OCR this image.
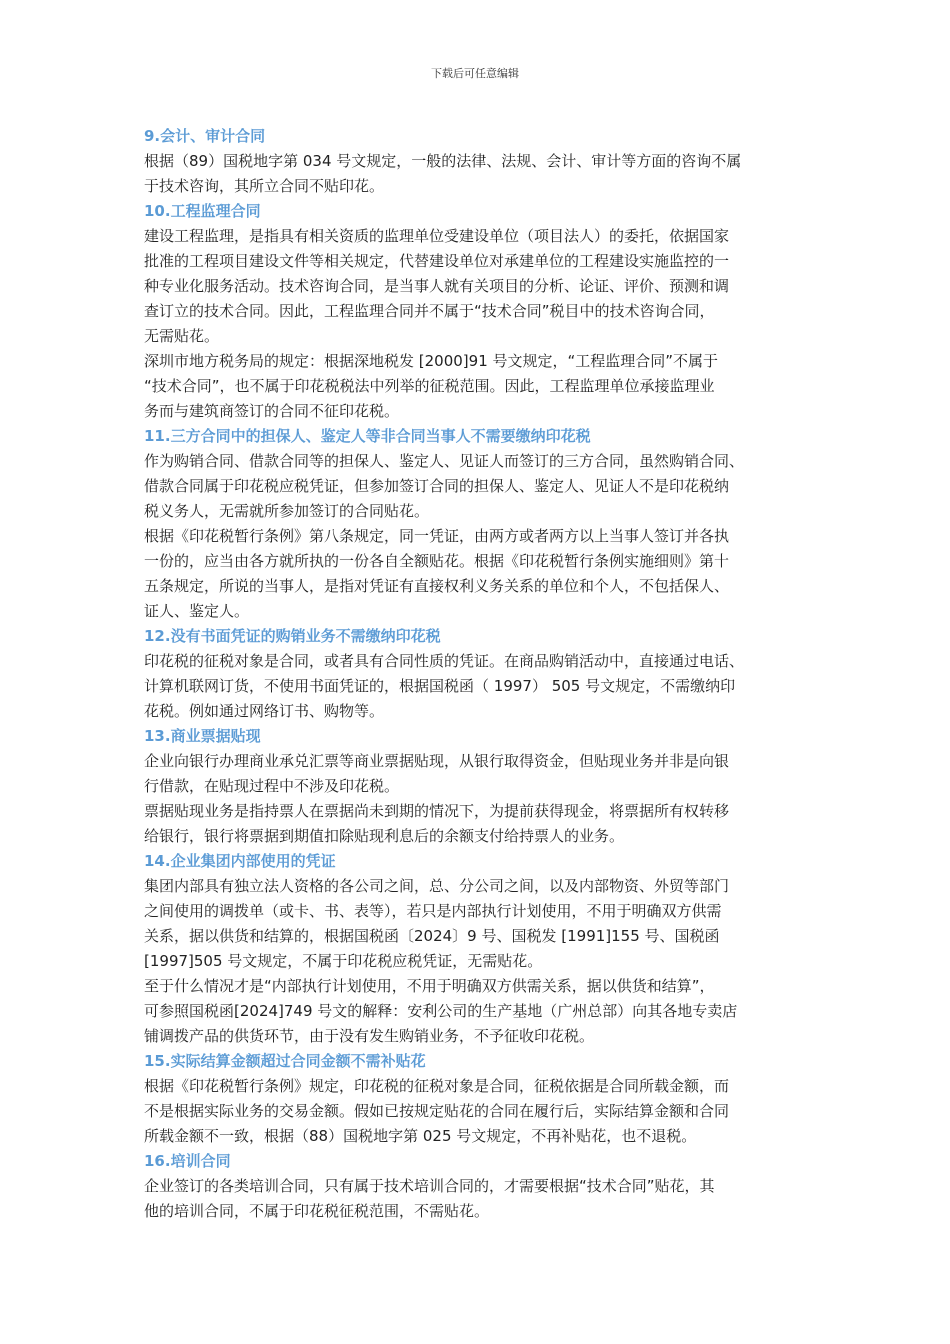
下载后可任意编辑
9.会计、审计合同

根据（89）国税地字第 034 号文规定，一般的法律、法规、会计、审计等方面的咨询不属

于技术咨询，其所立合同不贴印花。

10.工程监理合同

建设工程监理，是指具有相关资质的监理单位受建设单位（项目法人）的委托，依据国家

批准的工程项目建设文件等相关规定，代替建设单位对承建单位的工程建设实施监控的一

种专业化服务活动。技术咨询合同，是当事人就有关项目的分析、论证、评价、预测和调

查订立的技术合同。因此，工程监理合同并不属于“技术合同”税目中的技术咨询合同，

无需贴花。

深圳市地方税务局的规定：根据深地税发 [2000]91 号文规定，“工程监理合同”不属于

“技术合同”，也不属于印花税税法中列举的征税范围。因此，工程监理单位承接监理业

务而与建筑商签订的合同不征印花税。

11.三方合同中的担保人、鉴定人等非合同当事人不需要缴纳印花税

作为购销合同、借款合同等的担保人、鉴定人、见证人而签订的三方合同，虽然购销合同、

借款合同属于印花税应税凭证，但参加签订合同的担保人、鉴定人、见证人不是印花税纳

税义务人，无需就所参加签订的合同贴花。

根据《印花税暂行条例》第八条规定，同一凭证，由两方或者两方以上当事人签订并各执

一份的，应当由各方就所执的一份各自全额贴花。根据《印花税暂行条例实施细则》第十

五条规定，所说的当事人，是指对凭证有直接权利义务关系的单位和个人，不包括保人、

证人、鉴定人。

12.没有书面凭证的购销业务不需缴纳印花税

印花税的征税对象是合同，或者具有合同性质的凭证。在商品购销活动中，直接通过电话、

计算机联网订货，不使用书面凭证的，根据国税函（ 1997） 505 号文规定，不需缴纳印

花税。例如通过网络订书、购物等。

13.商业票据贴现

企业向银行办理商业承兑汇票等商业票据贴现，从银行取得资金，但贴现业务并非是向银

行借款，在贴现过程中不涉及印花税。

票据贴现业务是指持票人在票据尚未到期的情况下，为提前获得现金，将票据所有权转移

给银行，银行将票据到期值扣除贴现利息后的余额支付给持票人的业务。

14.企业集团内部使用的凭证

集团内部具有独立法人资格的各公司之间，总、分公司之间，以及内部物资、外贸等部门

之间使用的调拨单（或卡、书、表等），若只是内部执行计划使用，不用于明确双方供需

关系，据以供货和结算的，根据国税函〔2024〕9 号、国税发 [1991]155 号、国税函

[1997]505 号文规定，不属于印花税应税凭证，无需贴花。

至于什么情况才是“内部执行计划使用，不用于明确双方供需关系，据以供货和结算”，

可参照国税函[2024]749 号文的解释：安利公司的生产基地（广州总部）向其各地专卖店

铺调拨产品的供货环节，由于没有发生购销业务，不予征收印花税。

15.实际结算金额超过合同金额不需补贴花

根据《印花税暂行条例》规定，印花税的征税对象是合同，征税依据是合同所载金额，而

不是根据实际业务的交易金额。假如已按规定贴花的合同在履行后，实际结算金额和合同

所载金额不一致，根据（88）国税地字第 025 号文规定，不再补贴花，也不退税。

16.培训合同

企业签订的各类培训合同，只有属于技术培训合同的，才需要根据“技术合同”贴花，其

他的培训合同，不属于印花税征税范围，不需贴花。
